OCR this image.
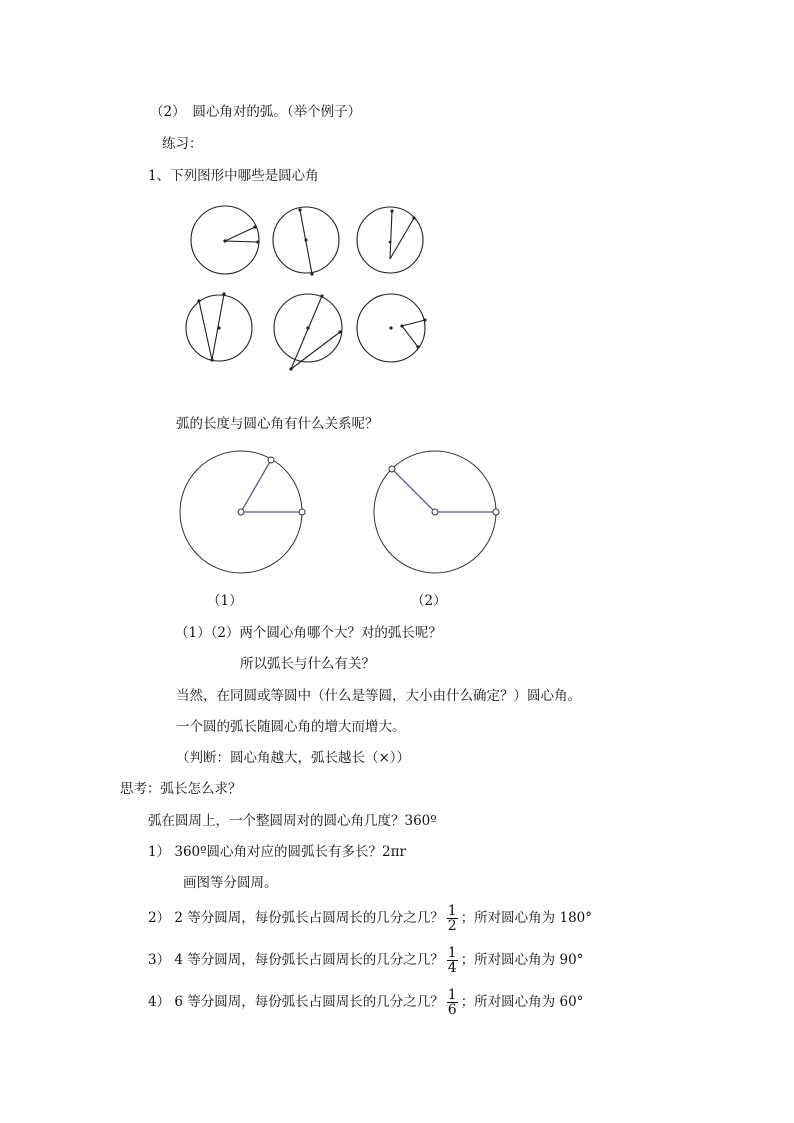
（2）　圆心角对的弧。（举个例子）
练习：
1、下列图形中哪些是圆心角
弧的长度与圆心角有什么关系呢？
（1）	（2）
（1）（2）两个圆心角哪个大？对的弧长呢？
所以弧长与什么有关？
当然，在同圆或等圆中（什么是等圆，大小由什么确定？）圆心角。
一个圆的弧长随圆心角的增大而增大。
（判断：圆心角越大，弧长越长（×））
思考：弧长怎么求？
弧在圆周上，一个整圆周对的圆心角几度？360º
1） 360º圆心角对应的圆弧长有多长？2πr
画图等分圆周。
2） 2 等分圆周，每份弧长占圆周长的几分之几？ $\frac{1}{2}$ ；所对圆心角为 180°
3） 4 等分圆周，每份弧长占圆周长的几分之几？ $\frac{1}{4}$ ；所对圆心角为 90°
4） 6 等分圆周，每份弧长占圆周长的几分之几？ $\frac{1}{6}$ ；所对圆心角为 60°
